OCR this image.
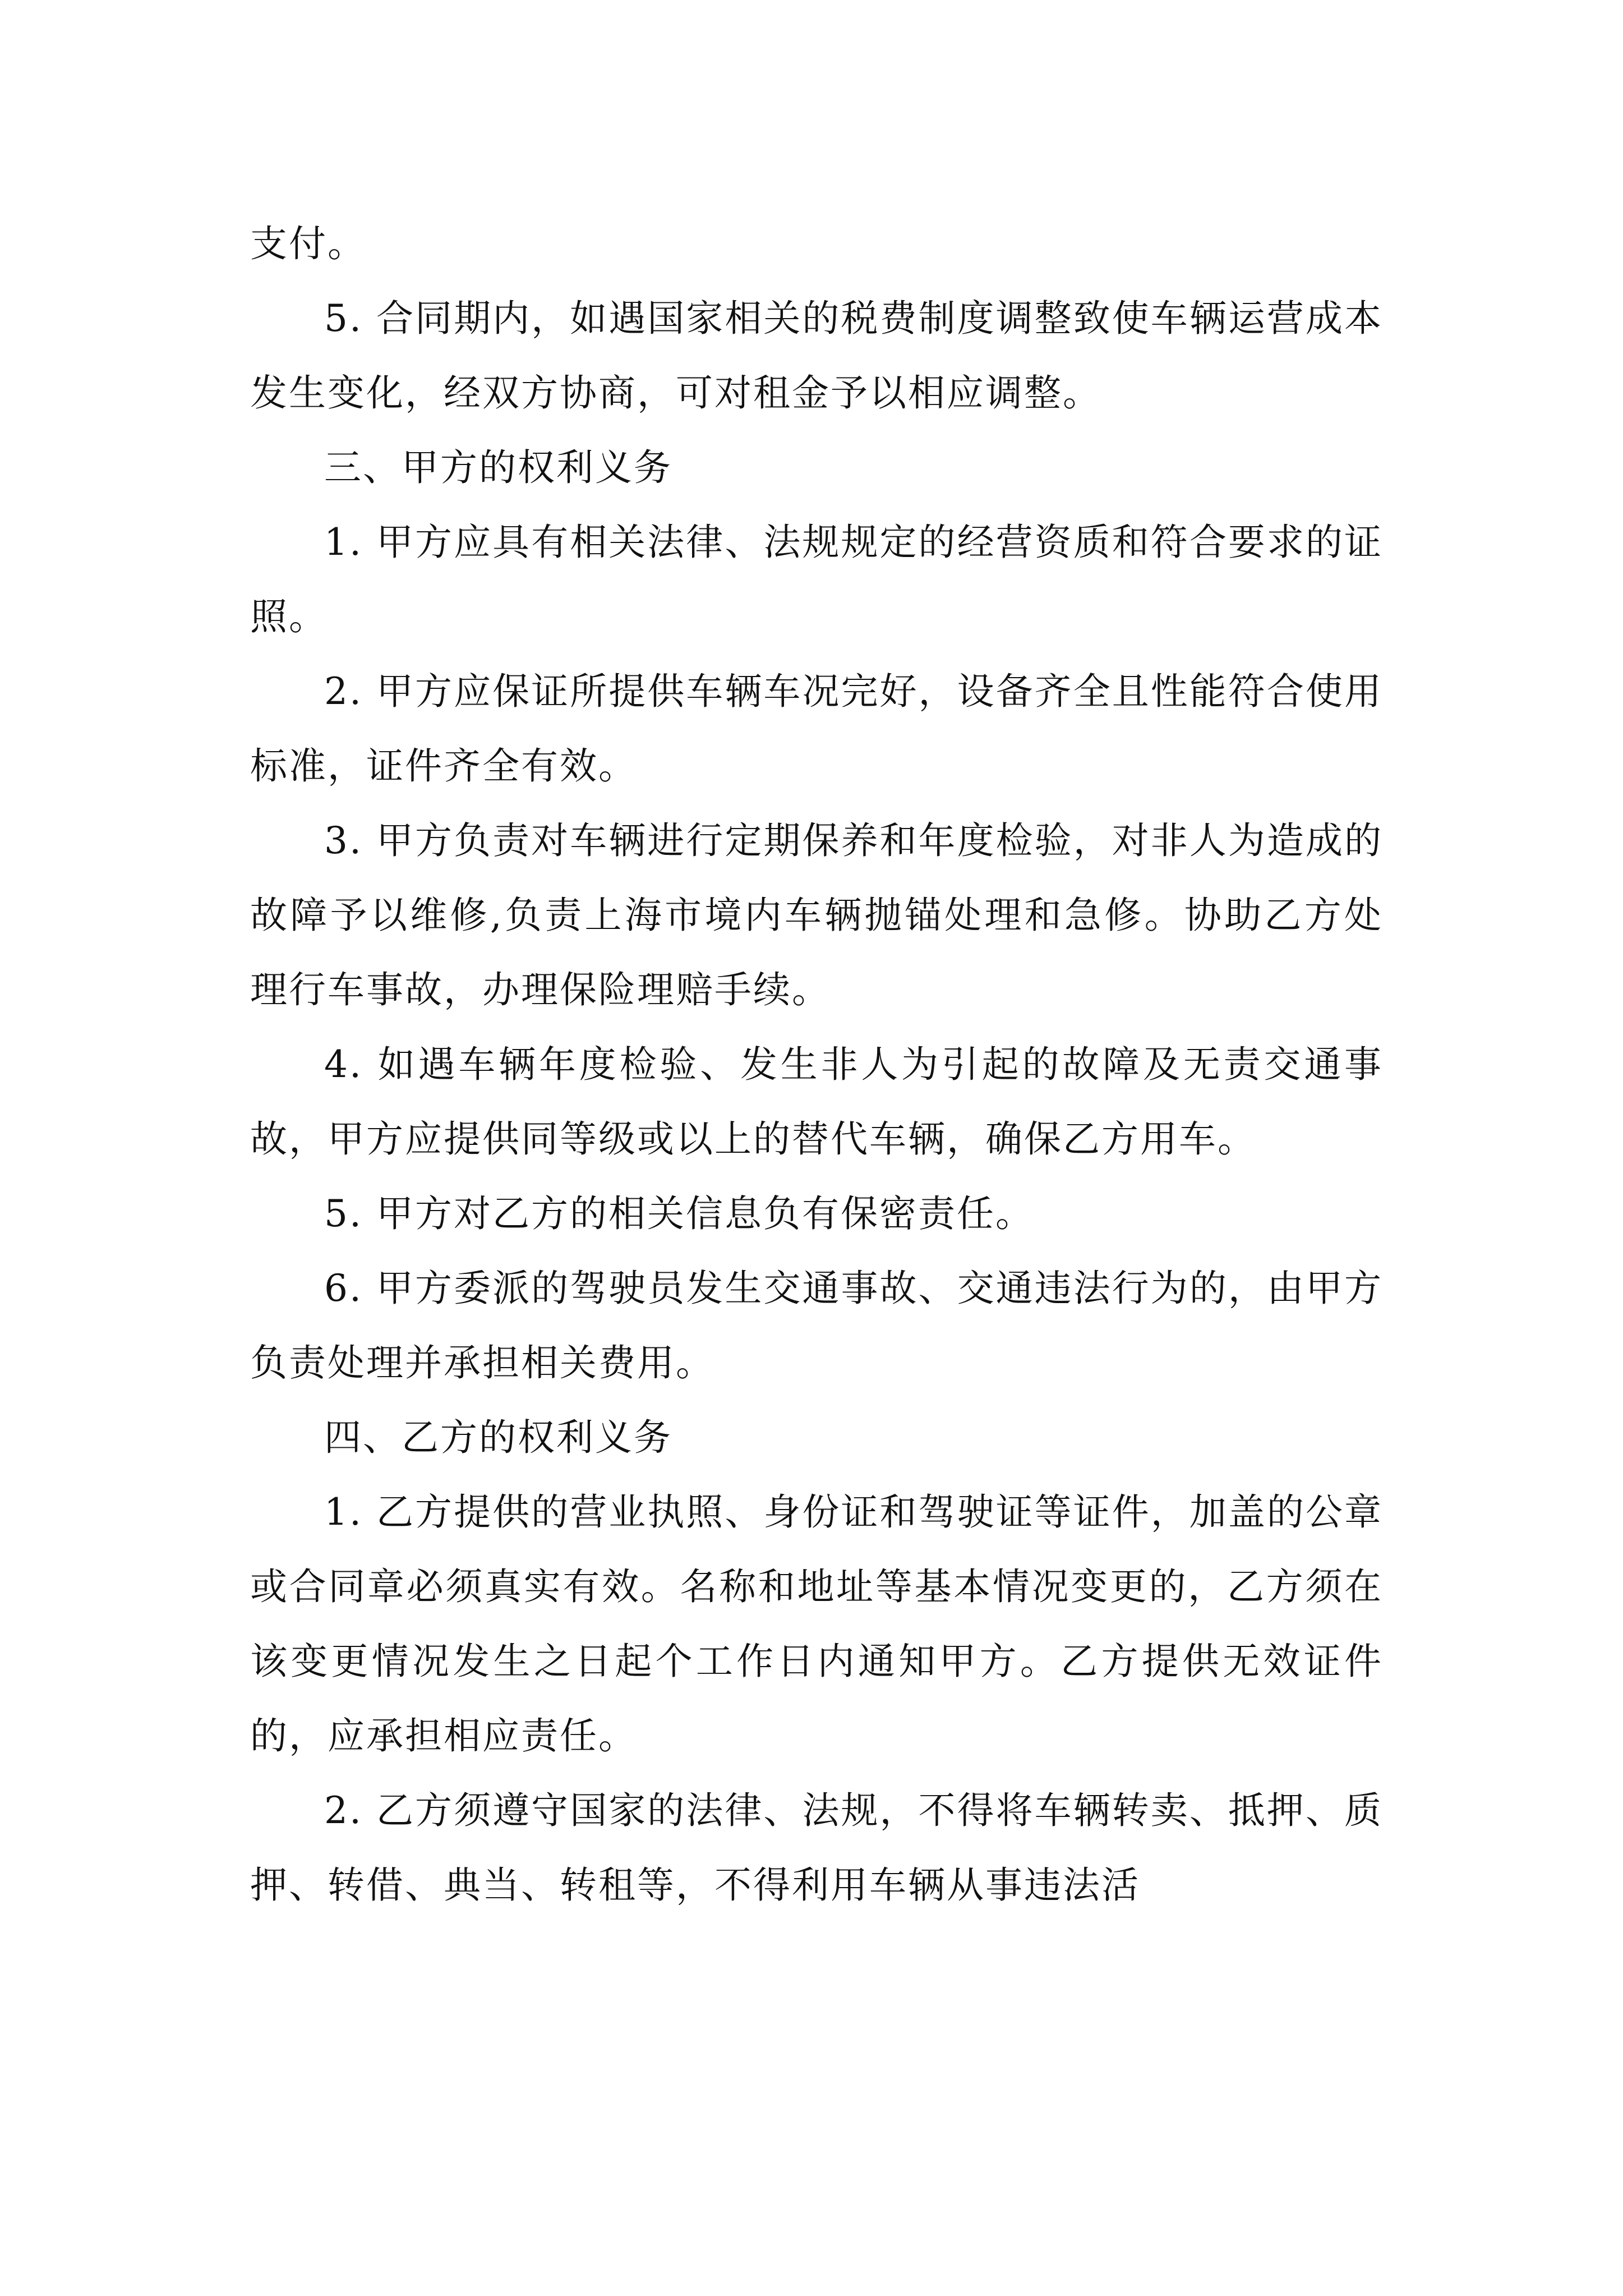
支付。

5. 合同期内，如遇国家相关的税费制度调整致使车辆运营成本发生变化，经双方协商，可对租金予以相应调整。

三、甲方的权利义务

1. 甲方应具有相关法律、法规规定的经营资质和符合要求的证照。

2. 甲方应保证所提供车辆车况完好，设备齐全且性能符合使用标准，证件齐全有效。

3. 甲方负责对车辆进行定期保养和年度检验，对非人为造成的故障予以维修,负责上海市境内车辆抛锚处理和急修。协助乙方处理行车事故，办理保险理赔手续。

4. 如遇车辆年度检验、发生非人为引起的故障及无责交通事故，甲方应提供同等级或以上的替代车辆，确保乙方用车。

5. 甲方对乙方的相关信息负有保密责任。

6. 甲方委派的驾驶员发生交通事故、交通违法行为的，由甲方负责处理并承担相关费用。

四、乙方的权利义务

1. 乙方提供的营业执照、身份证和驾驶证等证件，加盖的公章或合同章必须真实有效。名称和地址等基本情况变更的，乙方须在该变更情况发生之日起个工作日内通知甲方。乙方提供无效证件的，应承担相应责任。

2. 乙方须遵守国家的法律、法规，不得将车辆转卖、抵押、质押、转借、典当、转租等，不得利用车辆从事违法活
